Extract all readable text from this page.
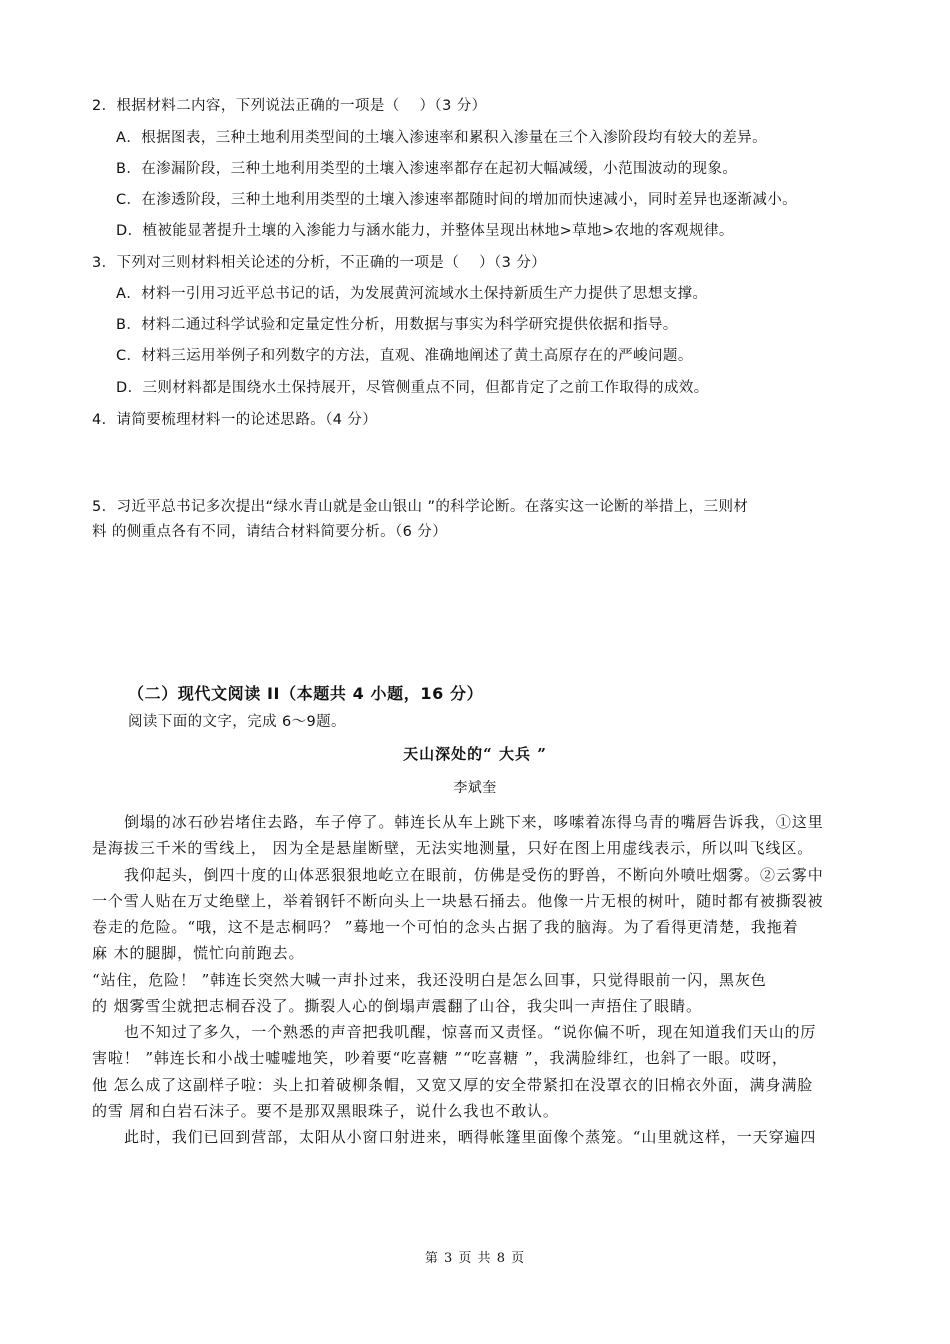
2．根据材料二内容，下列说法正确的一项是（　 ）（3 分）

A．根据图表，三种土地利用类型间的土壤入渗速率和累积入渗量在三个入渗阶段均有较大的差异。

B．在渗漏阶段，三种土地利用类型的土壤入渗速率都存在起初大幅减缓，小范围波动的现象。

C．在渗透阶段，三种土地利用类型的土壤入渗速率都随时间的增加而快速减小，同时差异也逐渐减小。

D．植被能显著提升土壤的入渗能力与涵水能力，并整体呈现出林地>草地>农地的客观规律。

3．下列对三则材料相关论述的分析，不正确的一项是（　 ）（3 分）

A．材料一引用习近平总书记的话，为发展黄河流域水土保持新质生产力提供了思想支撑。

B．材料二通过科学试验和定量定性分析，用数据与事实为科学研究提供依据和指导。

C．材料三运用举例子和列数字的方法，直观、准确地阐述了黄土高原存在的严峻问题。

D．三则材料都是围绕水土保持展开，尽管侧重点不同，但都肯定了之前工作取得的成效。

4．请简要梳理材料一的论述思路。（4 分）

5．习近平总书记多次提出“绿水青山就是金山银山 ”的科学论断。在落实这一论断的举措上，三则材

料 的侧重点各有不同，请结合材料简要分析。（6 分）

（二）现代文阅读 II（本题共 4 小题，16 分）

阅读下面的文字，完成 6～9题。

天山深处的“ 大兵 ”

李斌奎

倒塌的冰石砂岩堵住去路，车子停了。韩连长从车上跳下来，哆嗦着冻得乌青的嘴唇告诉我，①这里

是海拔三千米的雪线上， 因为全是悬崖断壁，无法实地测量，只好在图上用虚线表示，所以叫飞线区。

我仰起头，倒四十度的山体恶狠狠地屹立在眼前，仿佛是受伤的野兽，不断向外喷吐烟雾。②云雾中

一个雪人贴在万丈绝壁上，举着钢钎不断向头上一块悬石捅去。他像一片无根的树叶，随时都有被撕裂被

卷走的危险。“哦，这不是志桐吗？ ”蓦地一个可怕的念头占据了我的脑海。为了看得更清楚，我拖着

麻 木的腿脚，慌忙向前跑去。

“站住，危险！ ”韩连长突然大喊一声扑过来，我还没明白是怎么回事，只觉得眼前一闪，黑灰色

的 烟雾雪尘就把志桐吞没了。撕裂人心的倒塌声震翻了山谷，我尖叫一声捂住了眼睛。

也不知过了多久，一个熟悉的声音把我叽醒，惊喜而又责怪。“说你偏不听，现在知道我们天山的厉

害啦！ ”韩连长和小战士嘘嘘地笑，吵着要“吃喜糖 ”“吃喜糖 ”，我满脸绯红，也斜了一眼。哎呀，

他 怎么成了这副样子啦：头上扣着破柳条帽，又宽又厚的安全带紧扣在没罩衣的旧棉衣外面，满身满脸

的雪 屑和白岩石沫子。要不是那双黑眼珠子，说什么我也不敢认。

此时，我们已回到营部，太阳从小窗口射进来，晒得帐篷里面像个蒸笼。“山里就这样，一天穿遍四

第 3 页 共 8 页
